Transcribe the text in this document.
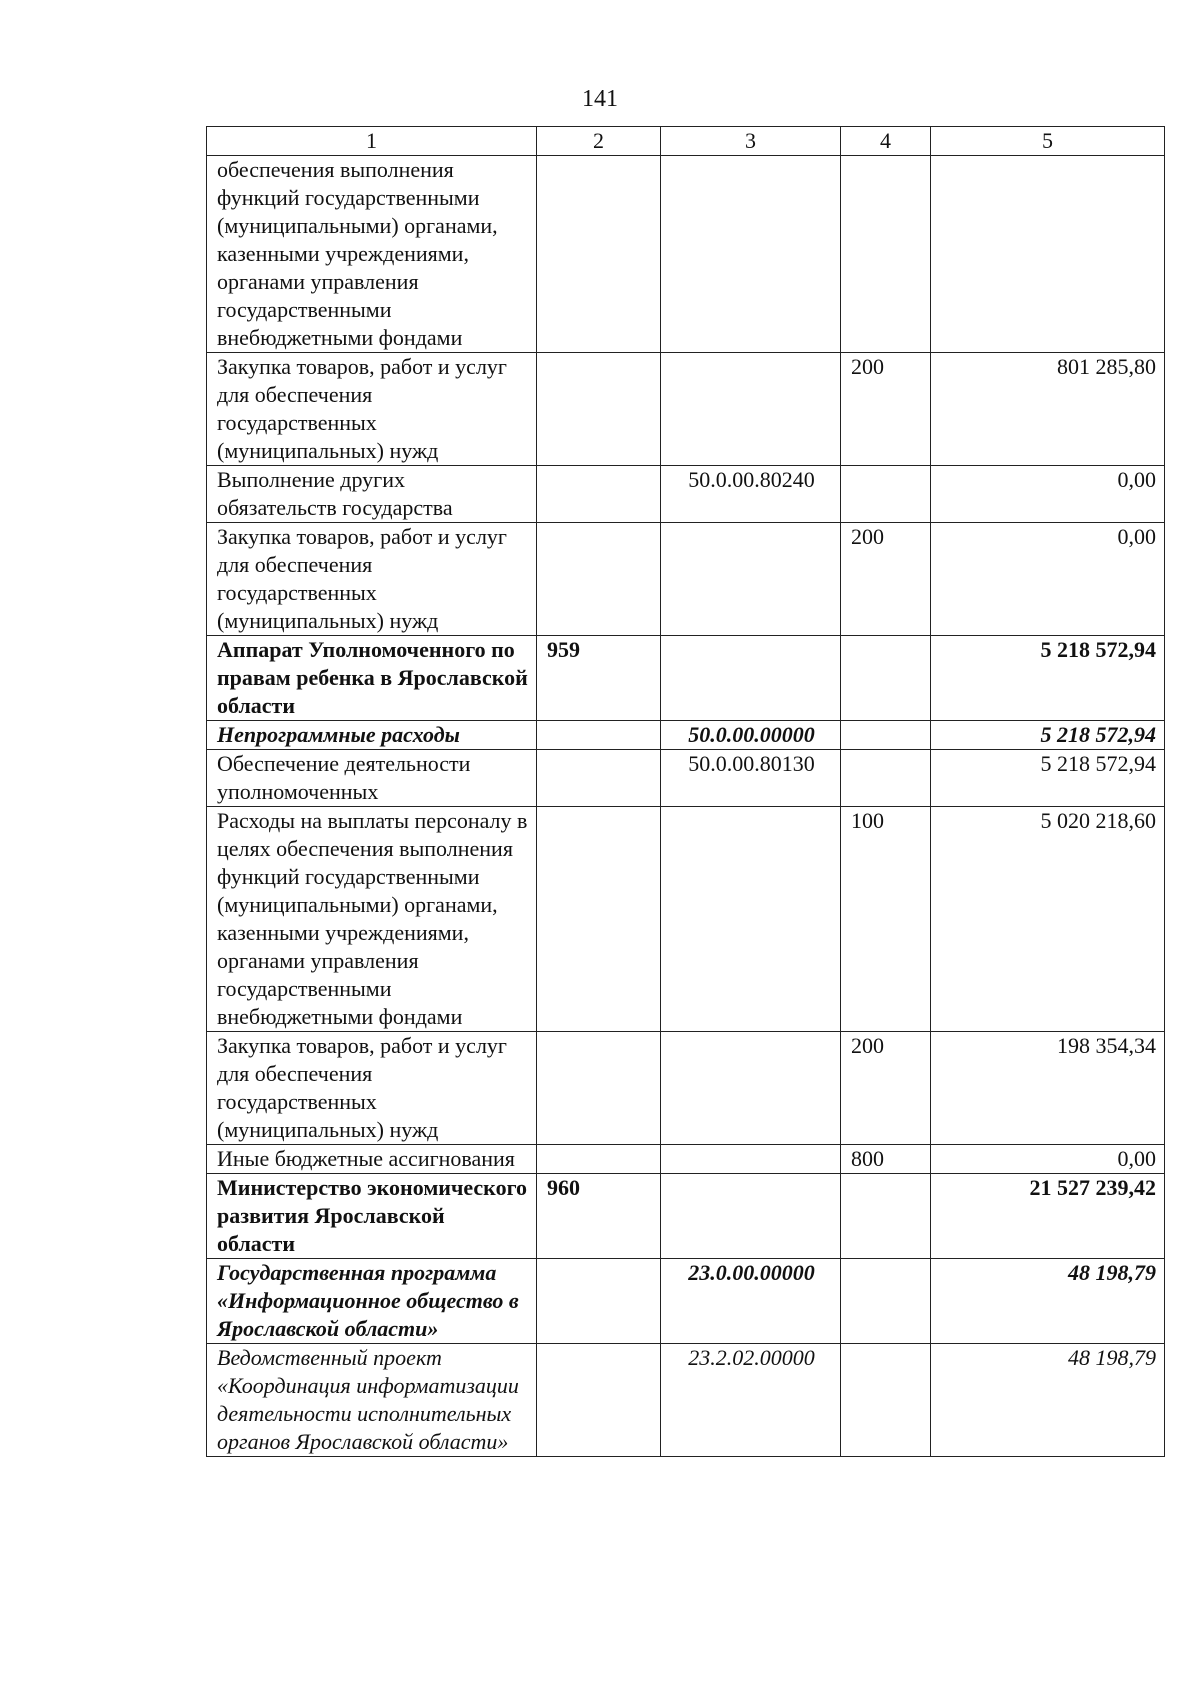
141
1	2	3	4	5
обеспечения выполнения функций государственными (муниципальными) органами, казенными учреждениями, органами управления государственными внебюджетными фондами				
Закупка товаров, работ и услуг для обеспечения государственных (муниципальных) нужд			200	801 285,80
Выполнение других обязательств государства		50.0.00.80240		0,00
Закупка товаров, работ и услуг для обеспечения государственных (муниципальных) нужд			200	0,00
Аппарат Уполномоченного по правам ребенка в Ярославской области	959			5 218 572,94
Непрограммные расходы		50.0.00.00000		5 218 572,94
Обеспечение деятельности уполномоченных		50.0.00.80130		5 218 572,94
Расходы на выплаты персоналу в целях обеспечения выполнения функций государственными (муниципальными) органами, казенными учреждениями, органами управления государственными внебюджетными фондами			100	5 020 218,60
Закупка товаров, работ и услуг для обеспечения государственных (муниципальных) нужд			200	198 354,34
Иные бюджетные ассигнования			800	0,00
Министерство экономического развития Ярославской области	960			21 527 239,42
Государственная программа «Информационное общество в Ярославской области»		23.0.00.00000		48 198,79
Ведомственный проект «Координация информатизации деятельности исполнительных органов Ярославской области»		23.2.02.00000		48 198,79
